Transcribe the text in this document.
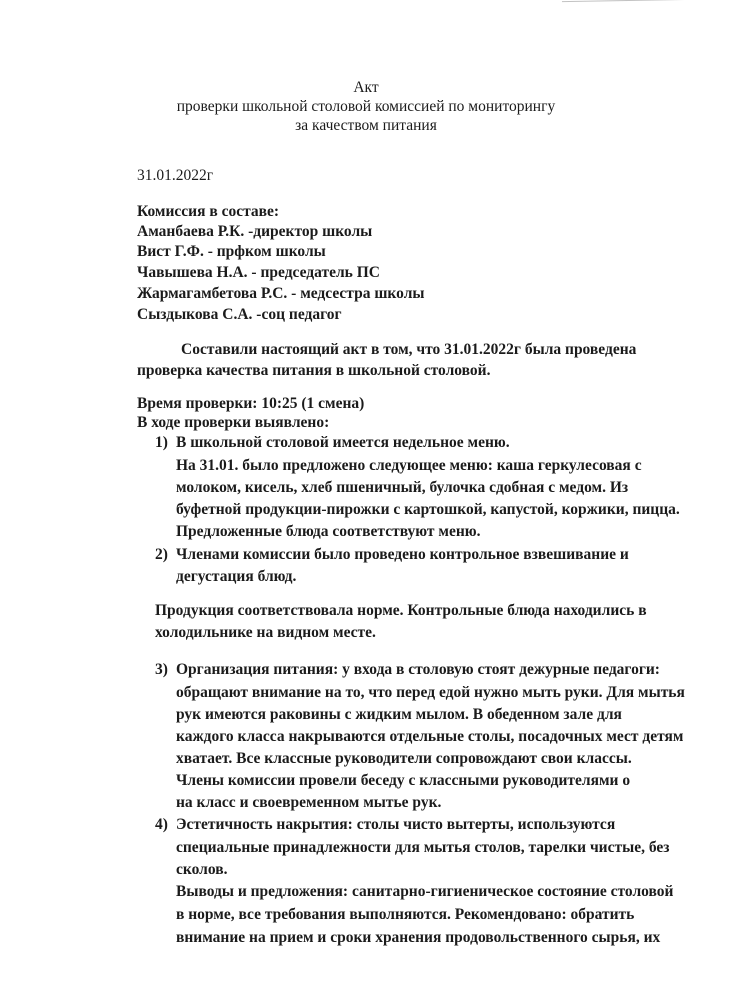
Акт
проверки школьной столовой комиссией по мониторингу
за качеством питания
31.01.2022г
Комиссия в составе:
Аманбаева Р.К. -директор школы
Вист Г.Ф. - прфком школы
Чавышева Н.А. - председатель ПС
Жармагамбетова Р.С. - медсестра школы
Сыздыкова С.А. -соц педагог
Составили настоящий акт в том, что 31.01.2022г была проведена
проверка качества питания в школьной столовой.
Время проверки: 10:25 (1 смена)
В ходе проверки выявлено:
1) В школьной столовой имеется недельное меню.
На 31.01. было предложено следующее меню: каша геркулесовая с
молоком, кисель, хлеб пшеничный, булочка сдобная с медом. Из
буфетной продукции-пирожки с картошкой, капустой, коржики, пицца.
Предложенные блюда соответствуют меню.
2) Членами комиссии было проведено контрольное взвешивание и
дегустация блюд.
Продукция соответствовала норме. Контрольные блюда находились в
холодильнике на видном месте.
3) Организация питания: у входа в столовую стоят дежурные педагоги:
обращают внимание на то, что перед едой нужно мыть руки. Для мытья
рук имеются раковины с жидким мылом. В обеденном зале для
каждого класса накрываются отдельные столы, посадочных мест детям
хватает. Все классные руководители сопровождают свои классы.
Члены комиссии провели беседу с классными руководителями о
на класс и своевременном мытье рук.
4) Эстетичность накрытия: столы чисто вытерты, используются
специальные принадлежности для мытья столов, тарелки чистые, без
сколов.
Выводы и предложения: санитарно-гигиеническое состояние столовой
в норме, все требования выполняются. Рекомендовано: обратить
внимание на прием и сроки хранения продовольственного сырья, их
